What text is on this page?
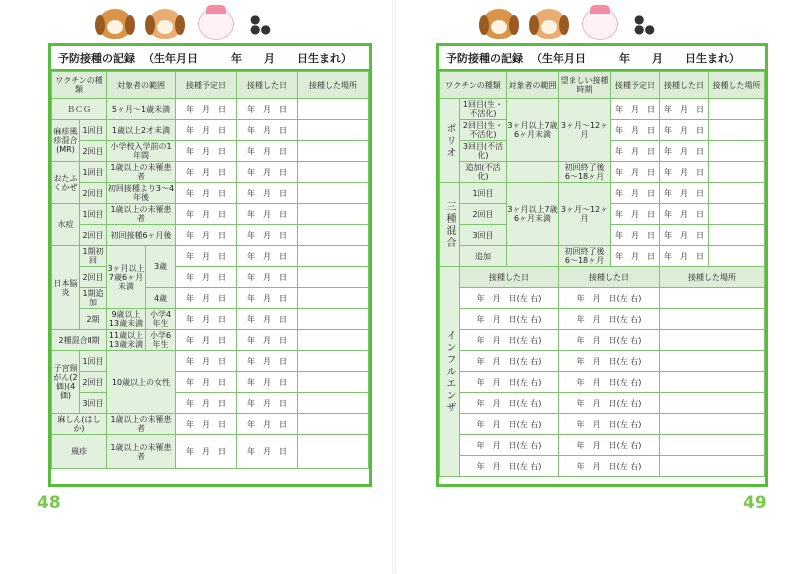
●
●●
●
●●
予防接種の記録 （生年月日　　　年　　月　　日生まれ）
ワクチンの種類		対象者の範囲		接種予定日	接種した日	接種した場所
ＢＣＧ		5ヶ月〜1歳未満		年　月　日	年　月　日	
麻疹風疹混合(MR)	1回目	1歳以上2才未満		年　月　日	年　月　日	
	2回目	小学校入学前の1年間		年　月　日	年　月　日	
おたふくかぜ	1回目	1歳以上の未罹患者		年　月　日	年　月　日	
	2回目	初回接種より3〜4年後		年　月　日	年　月　日	
水痘	1回目	1歳以上の未罹患者		年　月　日	年　月　日	
	2回目	初回接種6ヶ月後		年　月　日	年　月　日	
日本脳炎	1期初回	3ヶ月以上7歳6ヶ月未満	3歳	年　月　日	年　月　日	
	2回目			年　月　日	年　月　日	
	1期追加		4歳	年　月　日	年　月　日	
	2期	9歳以上13歳未満	小学4年生	年　月　日	年　月　日	
2種混合Ⅱ期		11歳以上13歳未満	小学6年生	年　月　日	年　月　日	
子宮頸がん(2価)(4価)	1回目	10歳以上の女性		年　月　日	年　月　日	
	2回目			年　月　日	年　月　日	
	3回目			年　月　日	年　月　日	
麻しん(はしか)		1歳以上の未罹患者		年　月　日	年　月　日	
風疹		1歳以上の未罹患者		年　月　日	年　月　日	
予防接種の記録 （生年月日　　　年　　月　　日生まれ）
ワクチンの種類		対象者の範囲	望ましい接種時期	接種予定日	接種した日	接種した場所
ポリオ	1回目(生・不活化)	3ヶ月以上7歳6ヶ月未満	3ヶ月〜12ヶ月	年　月　日	年　月　日	
	2回目(生・不活化)			年　月　日	年　月　日	
	3回目(不活化)			年　月　日	年　月　日	
	追加(不活化)		初回終了後6〜18ヶ月	年　月　日	年　月　日	
三種混合	1回目	3ヶ月以上7歳6ヶ月未満	3ヶ月〜12ヶ月	年　月　日	年　月　日	
	2回目			年　月　日	年　月　日	
	3回目			年　月　日	年　月　日	
	追加		初回終了後6〜18ヶ月	年　月　日	年　月　日	
インフルエンザ	接種した日		接種した日		接種した場所	
	年　月　日(左 右)		年　月　日(左 右)			
	年　月　日(左 右)		年　月　日(左 右)			
	年　月　日(左 右)		年　月　日(左 右)			
	年　月　日(左 右)		年　月　日(左 右)			
	年　月　日(左 右)		年　月　日(左 右)			
	年　月　日(左 右)		年　月　日(左 右)			
	年　月　日(左 右)		年　月　日(左 右)			
	年　月　日(左 右)		年　月　日(左 右)			
	年　月　日(左 右)		年　月　日(左 右)			
48	49
